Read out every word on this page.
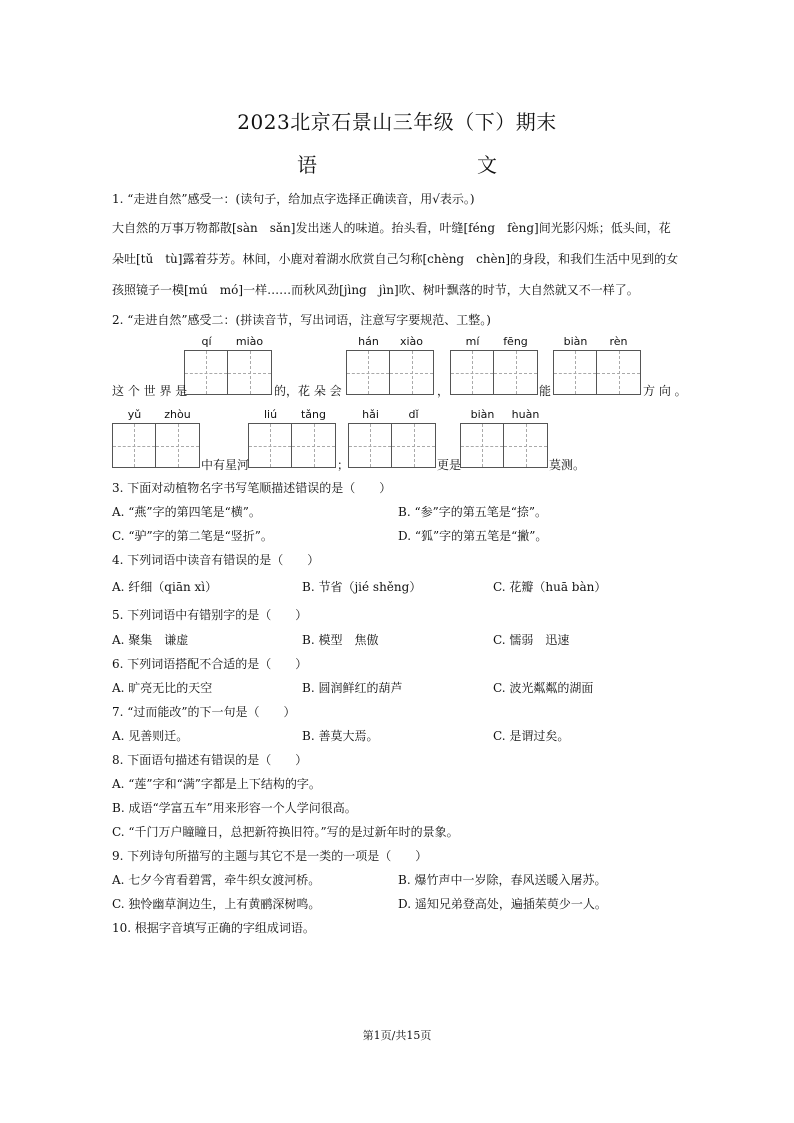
2023北京石景山三年级（下）期末
语　　文
1. “走进自然”感受一：(读句子，给加点字选择正确读音，用√表示。)
大自然的万事万物都散[sàn　sǎn]发出迷人的味道。抬头看，叶缝[féng　fèng]间光影闪烁；低头间，花
朵吐[tǔ　tù]露着芬芳。林间，小鹿对着湖水欣赏自己匀称[chèng　chèn]的身段，和我们生活中见到的女
孩照镜子一模[mú　mó]一样……而秋风劲[jìng　jìn]吹、树叶飘落的时节，大自然就又不一样了。
2. “走进自然”感受二：(拼读音节，写出词语，注意写字要规范、工整。)
qí	miào	hán	xiào	mí	fēng	biàn	rèn
这 个 世 界 是	的，花 朵 会	，	能	方 向 。
yǔ	zhòu	liú	tǎng	hǎi	dǐ	biàn	huàn
中有星河	；	更是	莫测。
3. 下面对动植物名字书写笔顺描述错误的是（　　）
A. “燕”字的第四笔是“横”。	B. “参”字的第五笔是“捺”。
C. “驴”字的第二笔是“竖折”。	D. “狐”字的第五笔是“撇”。
4. 下列词语中读音有错误的是（　　）
A. 纤细（qiān xì）	B. 节省（jié shěng）	C. 花瓣（huā bàn）
5. 下列词语中有错别字的是（　　）
A. 聚集　谦虚	B. 模型　焦傲	C. 懦弱　迅速
6. 下列词语搭配不合适的是（　　）
A. 旷亮无比的天空	B. 圆润鲜红的葫芦	C. 波光粼粼的湖面
7. “过而能改”的下一句是（　　）
A. 见善则迁。	B. 善莫大焉。	C. 是谓过矣。
8. 下面语句描述有错误的是（　　）
A. “莲”字和“满”字都是上下结构的字。
B. 成语“学富五车”用来形容一个人学问很高。
C. “千门万户瞳瞳日，总把新符换旧符。”写的是过新年时的景象。
9. 下列诗句所描写的主题与其它不是一类的一项是（　　）
A. 七夕今宵看碧霄，牵牛织女渡河桥。	B. 爆竹声中一岁除，春风送暖入屠苏。
C. 独怜幽草涧边生，上有黄鹂深树鸣。	D. 遥知兄弟登高处，遍插茱萸少一人。
10. 根据字音填写正确的字组成词语。
第1页/共15页
